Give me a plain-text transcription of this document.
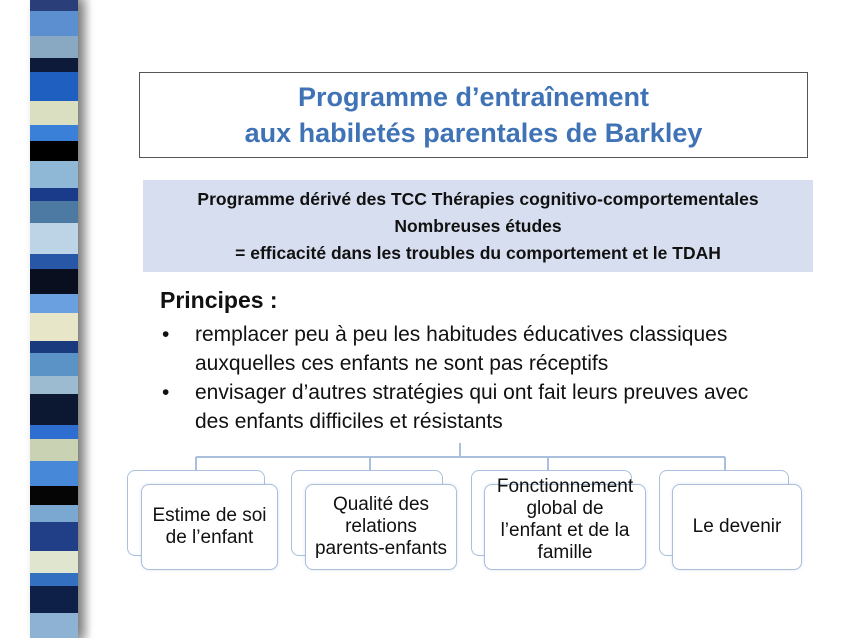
Programme d’entraînement
aux habiletés parentales de Barkley
Programme dérivé des TCC Thérapies cognitivo-comportementales
Nombreuses études
= efficacité dans les troubles du comportement et le TDAH
Principes :
• remplacer peu à peu les habitudes éducatives classiques
auxquelles ces enfants ne sont pas réceptifs
• envisager d’autres stratégies qui ont fait leurs preuves avec
des enfants difficiles et résistants
Estime de soi
de l’enfant
Qualité des
relations
parents-enfants
Fonctionnement
global de
l’enfant et de la
famille
Le devenir
